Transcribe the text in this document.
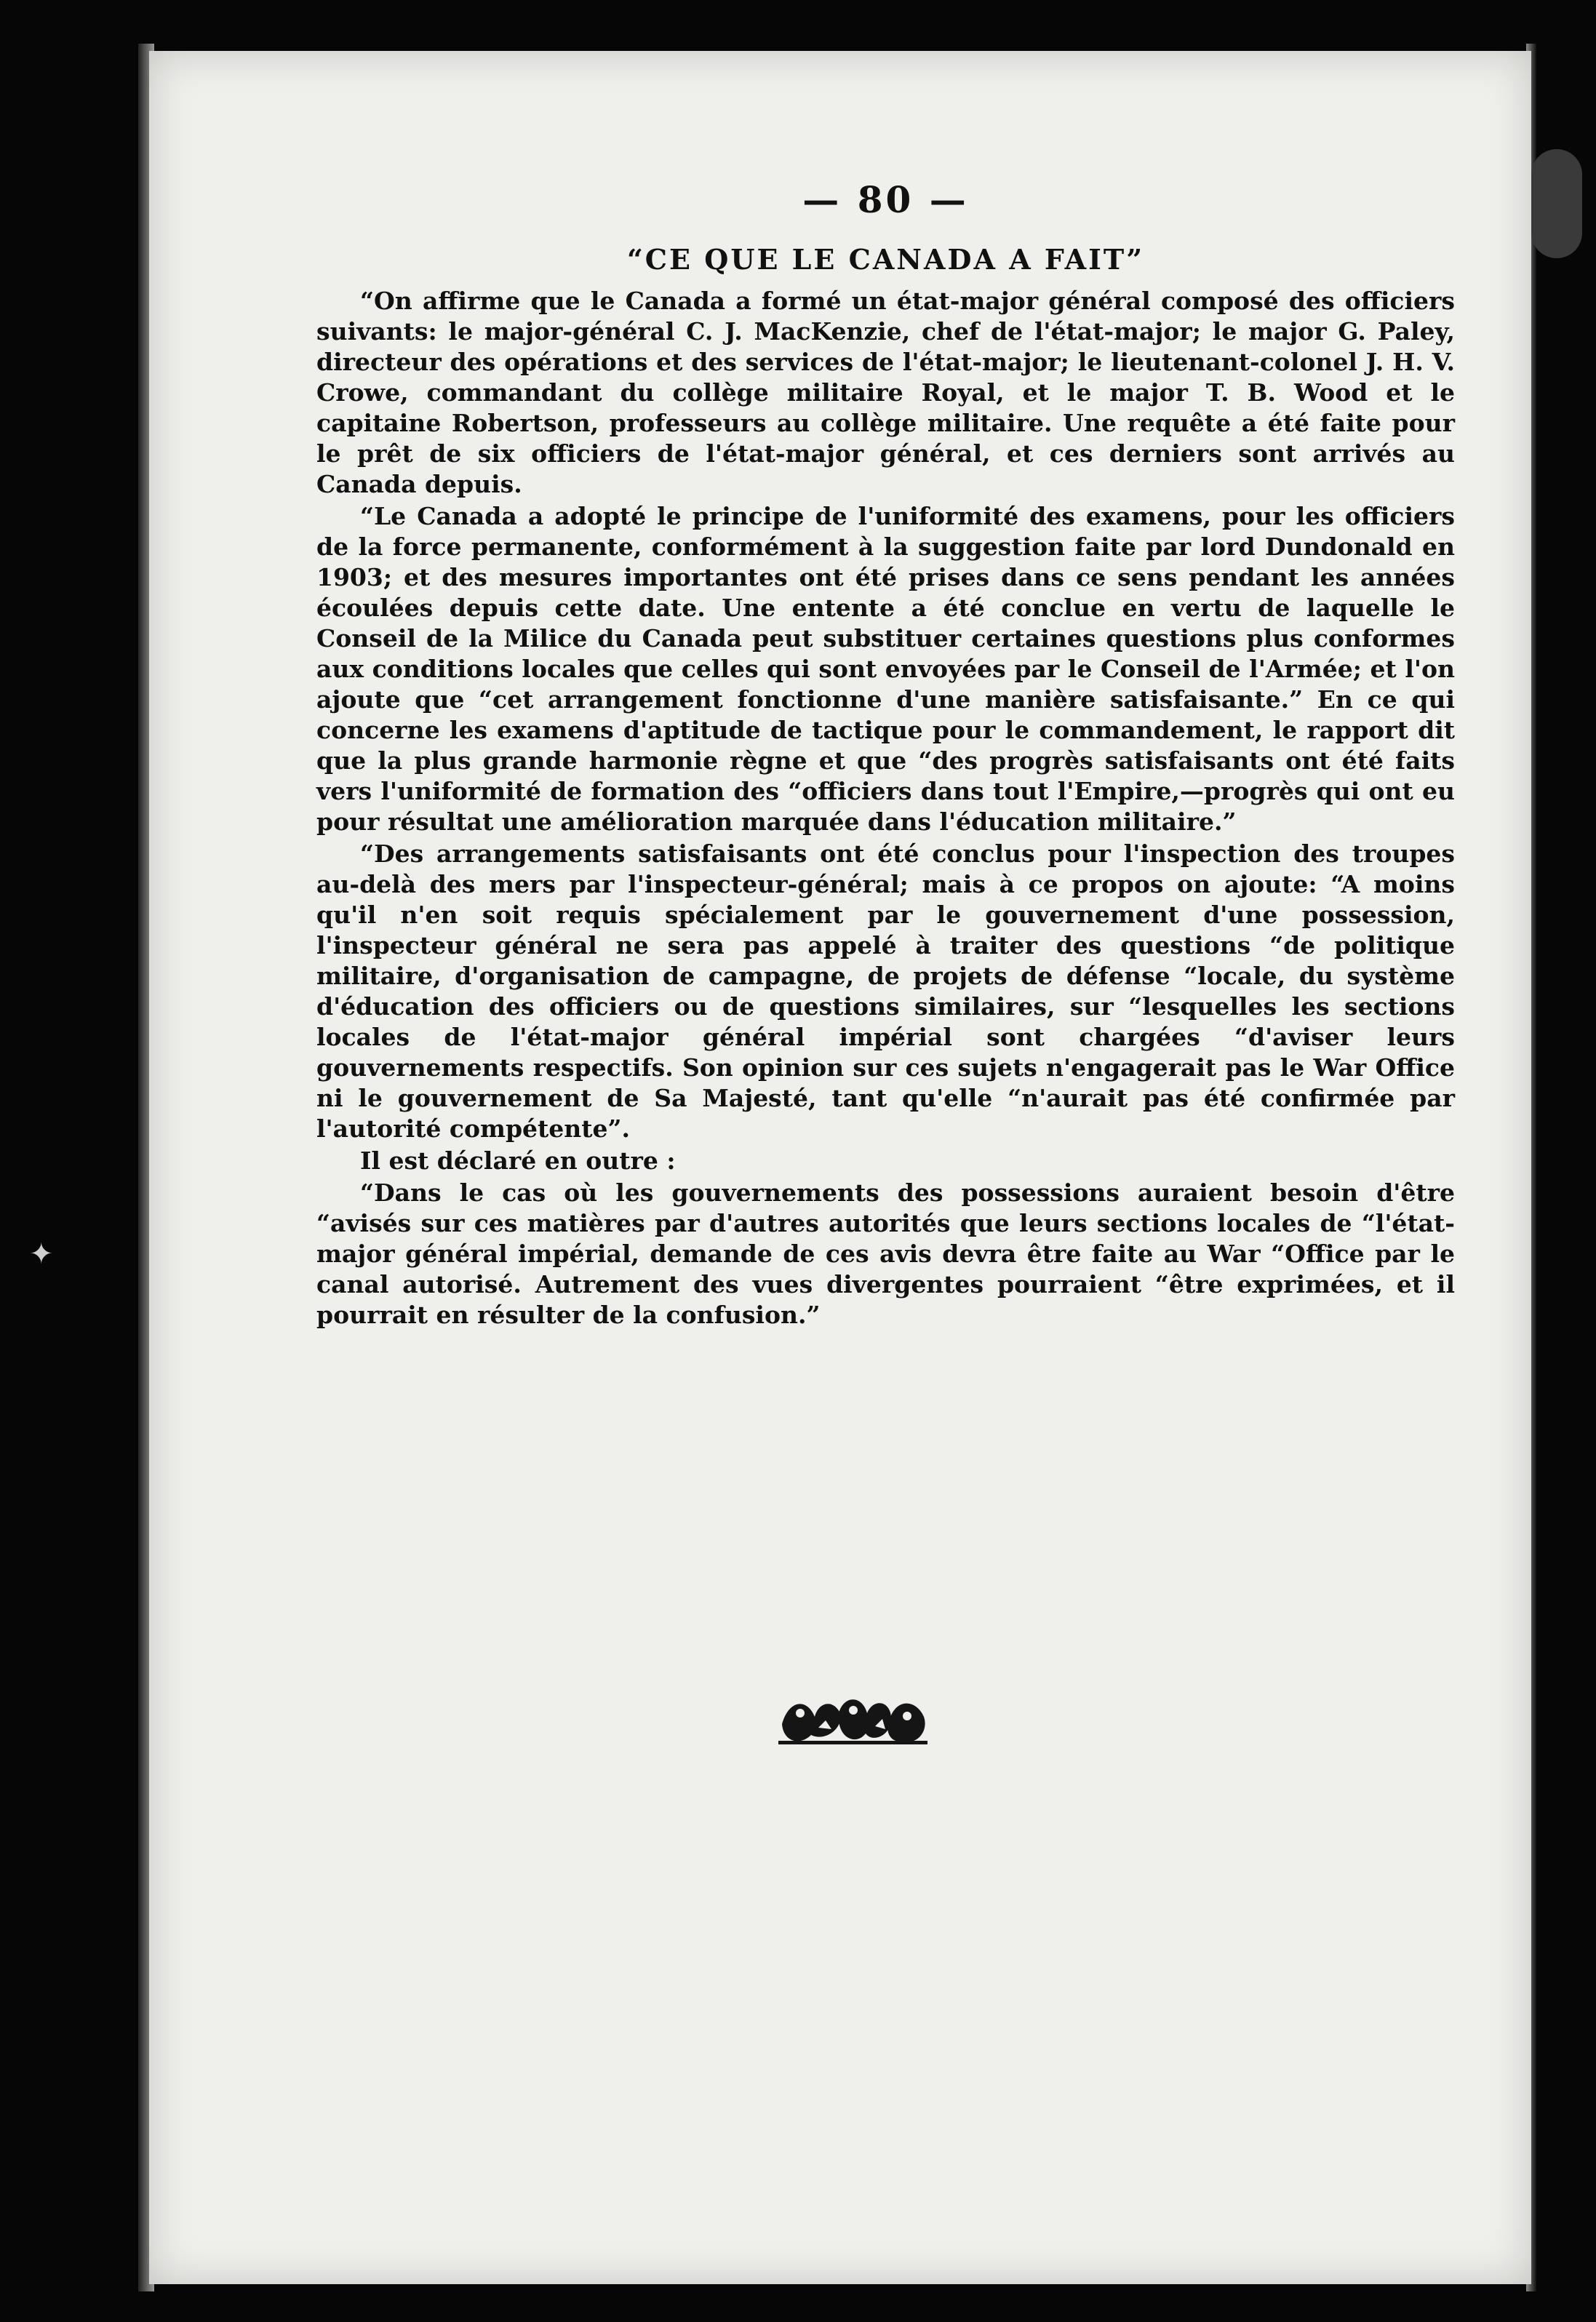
✦
— 80 —
“CE QUE LE CANADA A FAIT”

“On affirme que le Canada a formé un état-major général composé des officiers suivants: le major-général C. J. MacKenzie, chef de l'état-major; le major G. Paley, directeur des opérations et des services de l'état-major; le lieutenant-colonel J. H. V. Crowe, commandant du collège militaire Royal, et le major T. B. Wood et le capitaine Robertson, professeurs au collège militaire. Une requête a été faite pour le prêt de six officiers de l'état-major général, et ces derniers sont arrivés au Canada depuis.

“Le Canada a adopté le principe de l'uniformité des examens, pour les officiers de la force permanente, conformément à la suggestion faite par lord Dundonald en 1903; et des mesures importantes ont été prises dans ce sens pendant les années écoulées depuis cette date. Une entente a été conclue en vertu de laquelle le Conseil de la Milice du Canada peut substituer certaines questions plus conformes aux conditions locales que celles qui sont envoyées par le Conseil de l'Armée; et l'on ajoute que “cet arrangement fonctionne d'une manière satisfaisante.” En ce qui concerne les examens d'aptitude de tactique pour le commandement, le rapport dit que la plus grande harmonie règne et que “des progrès satisfaisants ont été faits vers l'uniformité de formation des “officiers dans tout l'Empire,—progrès qui ont eu pour résultat une amélioration marquée dans l'éducation militaire.”

“Des arrangements satisfaisants ont été conclus pour l'inspection des troupes au-delà des mers par l'inspecteur-général; mais à ce propos on ajoute: “A moins qu'il n'en soit requis spécialement par le gouvernement d'une possession, l'inspecteur général ne sera pas appelé à traiter des questions “de politique militaire, d'organisation de campagne, de projets de défense “locale, du système d'éducation des officiers ou de questions similaires, sur “lesquelles les sections locales de l'état-major général impérial sont chargées “d'aviser leurs gouvernements respectifs. Son opinion sur ces sujets n'engagerait pas le War Office ni le gouvernement de Sa Majesté, tant qu'elle “n'aurait pas été confirmée par l'autorité compétente”.

Il est déclaré en outre :

“Dans le cas où les gouvernements des possessions auraient besoin d'être “avisés sur ces matières par d'autres autorités que leurs sections locales de “l'état-major général impérial, demande de ces avis devra être faite au War “Office par le canal autorisé. Autrement des vues divergentes pourraient “être exprimées, et il pourrait en résulter de la confusion.”
